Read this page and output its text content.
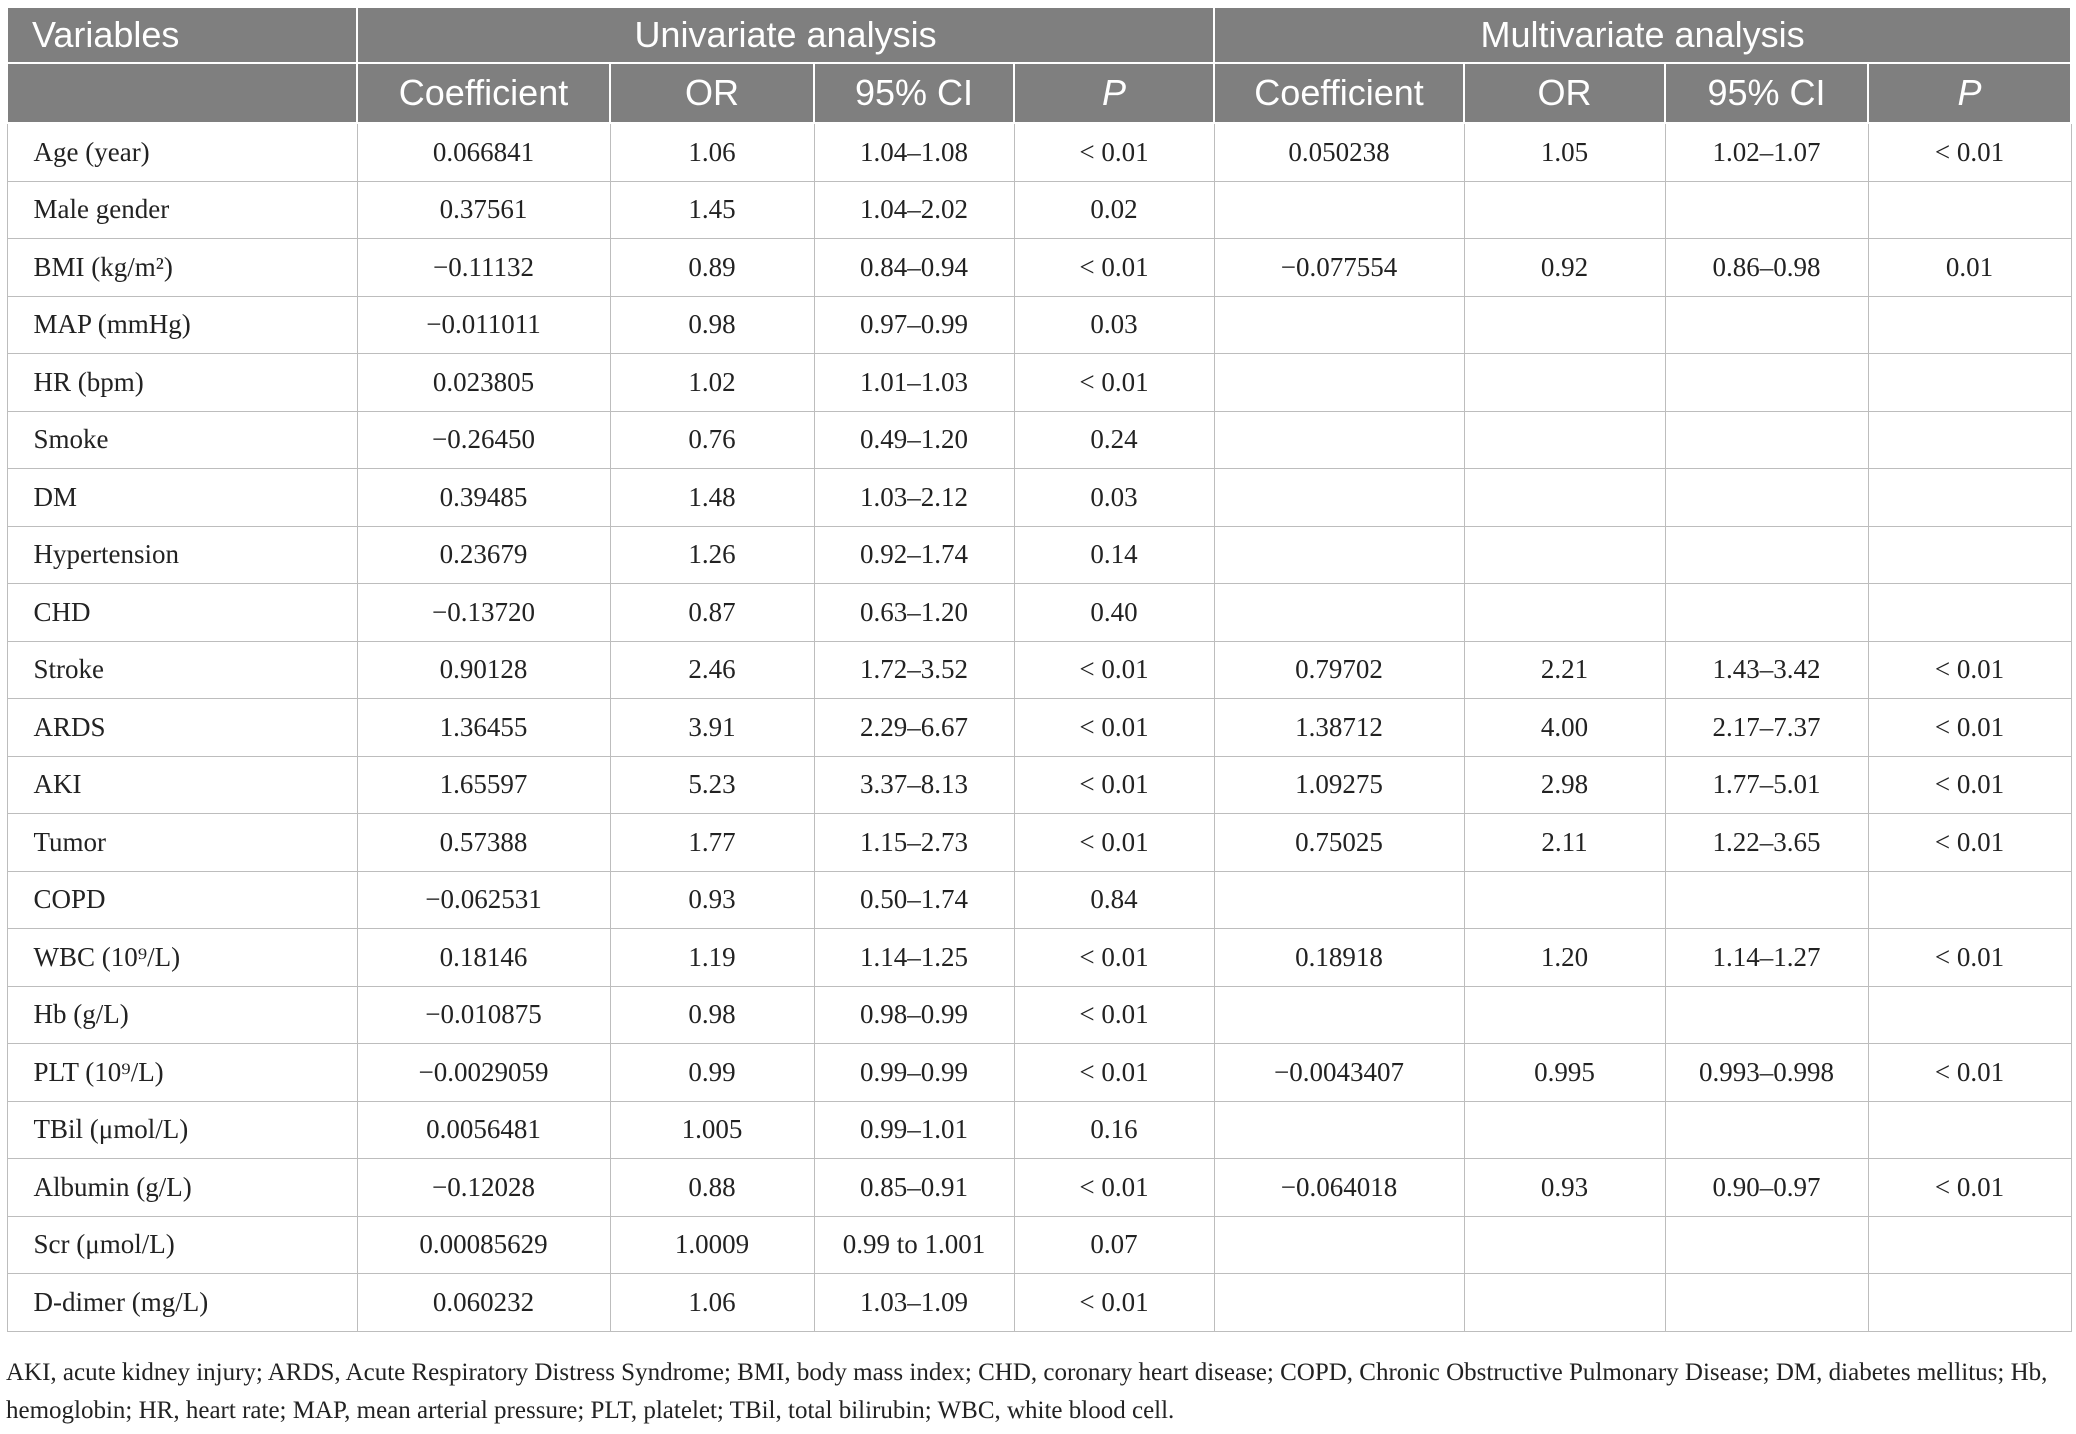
Variables	Univariate analysis				Multivariate analysis			
	Coefficient	OR	95% CI	P	Coefficient	OR	95% CI	P
Age (year)	0.066841	1.06	1.04–1.08	< 0.01	0.050238	1.05	1.02–1.07	< 0.01
Male gender	0.37561	1.45	1.04–2.02	0.02				
BMI (kg/m²)	−0.11132	0.89	0.84–0.94	< 0.01	−0.077554	0.92	0.86–0.98	0.01
MAP (mmHg)	−0.011011	0.98	0.97–0.99	0.03				
HR (bpm)	0.023805	1.02	1.01–1.03	< 0.01				
Smoke	−0.26450	0.76	0.49–1.20	0.24				
DM	0.39485	1.48	1.03–2.12	0.03				
Hypertension	0.23679	1.26	0.92–1.74	0.14				
CHD	−0.13720	0.87	0.63–1.20	0.40				
Stroke	0.90128	2.46	1.72–3.52	< 0.01	0.79702	2.21	1.43–3.42	< 0.01
ARDS	1.36455	3.91	2.29–6.67	< 0.01	1.38712	4.00	2.17–7.37	< 0.01
AKI	1.65597	5.23	3.37–8.13	< 0.01	1.09275	2.98	1.77–5.01	< 0.01
Tumor	0.57388	1.77	1.15–2.73	< 0.01	0.75025	2.11	1.22–3.65	< 0.01
COPD	−0.062531	0.93	0.50–1.74	0.84				
WBC (10⁹/L)	0.18146	1.19	1.14–1.25	< 0.01	0.18918	1.20	1.14–1.27	< 0.01
Hb (g/L)	−0.010875	0.98	0.98–0.99	< 0.01				
PLT (10⁹/L)	−0.0029059	0.99	0.99–0.99	< 0.01	−0.0043407	0.995	0.993–0.998	< 0.01
TBil (μmol/L)	0.0056481	1.005	0.99–1.01	0.16				
Albumin (g/L)	−0.12028	0.88	0.85–0.91	< 0.01	−0.064018	0.93	0.90–0.97	< 0.01
Scr (μmol/L)	0.00085629	1.0009	0.99 to 1.001	0.07				
D-dimer (mg/L)	0.060232	1.06	1.03–1.09	< 0.01				
AKI, acute kidney injury; ARDS, Acute Respiratory Distress Syndrome; BMI, body mass index; CHD, coronary heart disease; COPD, Chronic Obstructive Pulmonary Disease; DM, diabetes mellitus; Hb, hemoglobin; HR, heart rate; MAP, mean arterial pressure; PLT, platelet; TBil, total bilirubin; WBC, white blood cell.
